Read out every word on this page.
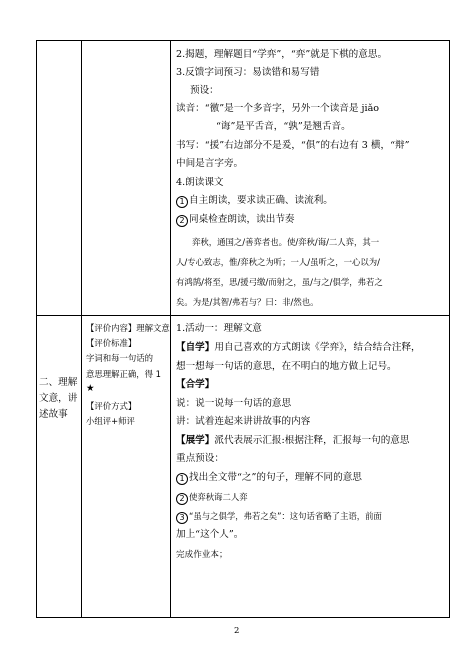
2.揭题，理解题目“学弈”，“弈”就是下棋的意思。
3.反馈字词预习：易读错和易写错
预设：
读音：“徼”是一个多音字，另外一个读音是 jiǎo
“诲”是平舌音，“孰”是翘舌音。
书写：“援”右边部分不是爰，“俱”的右边有 3 横，“辩”
中间是言字旁。
4.朗读课文
1 自主朗读，要求读正确、读流利。
2 同桌检查朗读，读出节奏
弈秋，通国之/善弈者也。使/弈秋/诲/二人弈，其一
人/专心致志，惟/弈秋之为听；一人/虽听之，一心以为/
有鸿鹄/将至，思/援弓缴/而射之，虽/与之/俱学，弗若之
矣。为是/其智/弗若与？曰：非/然也。
二、理解
文意，讲
述故事
【评价内容】理解文意
【评价标准】
字词和每一句话的
意思理解正确，得 1
★
【评价方式】
小组评+师评
1.活动一：理解文意
【自学】用自己喜欢的方式朗读《学弈》，结合结合注释，
想一想每一句话的意思，在不明白的地方做上记号。
【合学】
说：说一说每一句话的意思
讲：试着连起来讲讲故事的内容
【展学】派代表展示汇报:根据注释，汇报每一句的意思
重点预设：
1 找出全文带“之”的句子，理解不同的意思
2 使弈秋诲二人弈
3 “虽与之俱学，弗若之矣”：这句话省略了主语，前面
加上“这个人”。
完成作业本；
2
